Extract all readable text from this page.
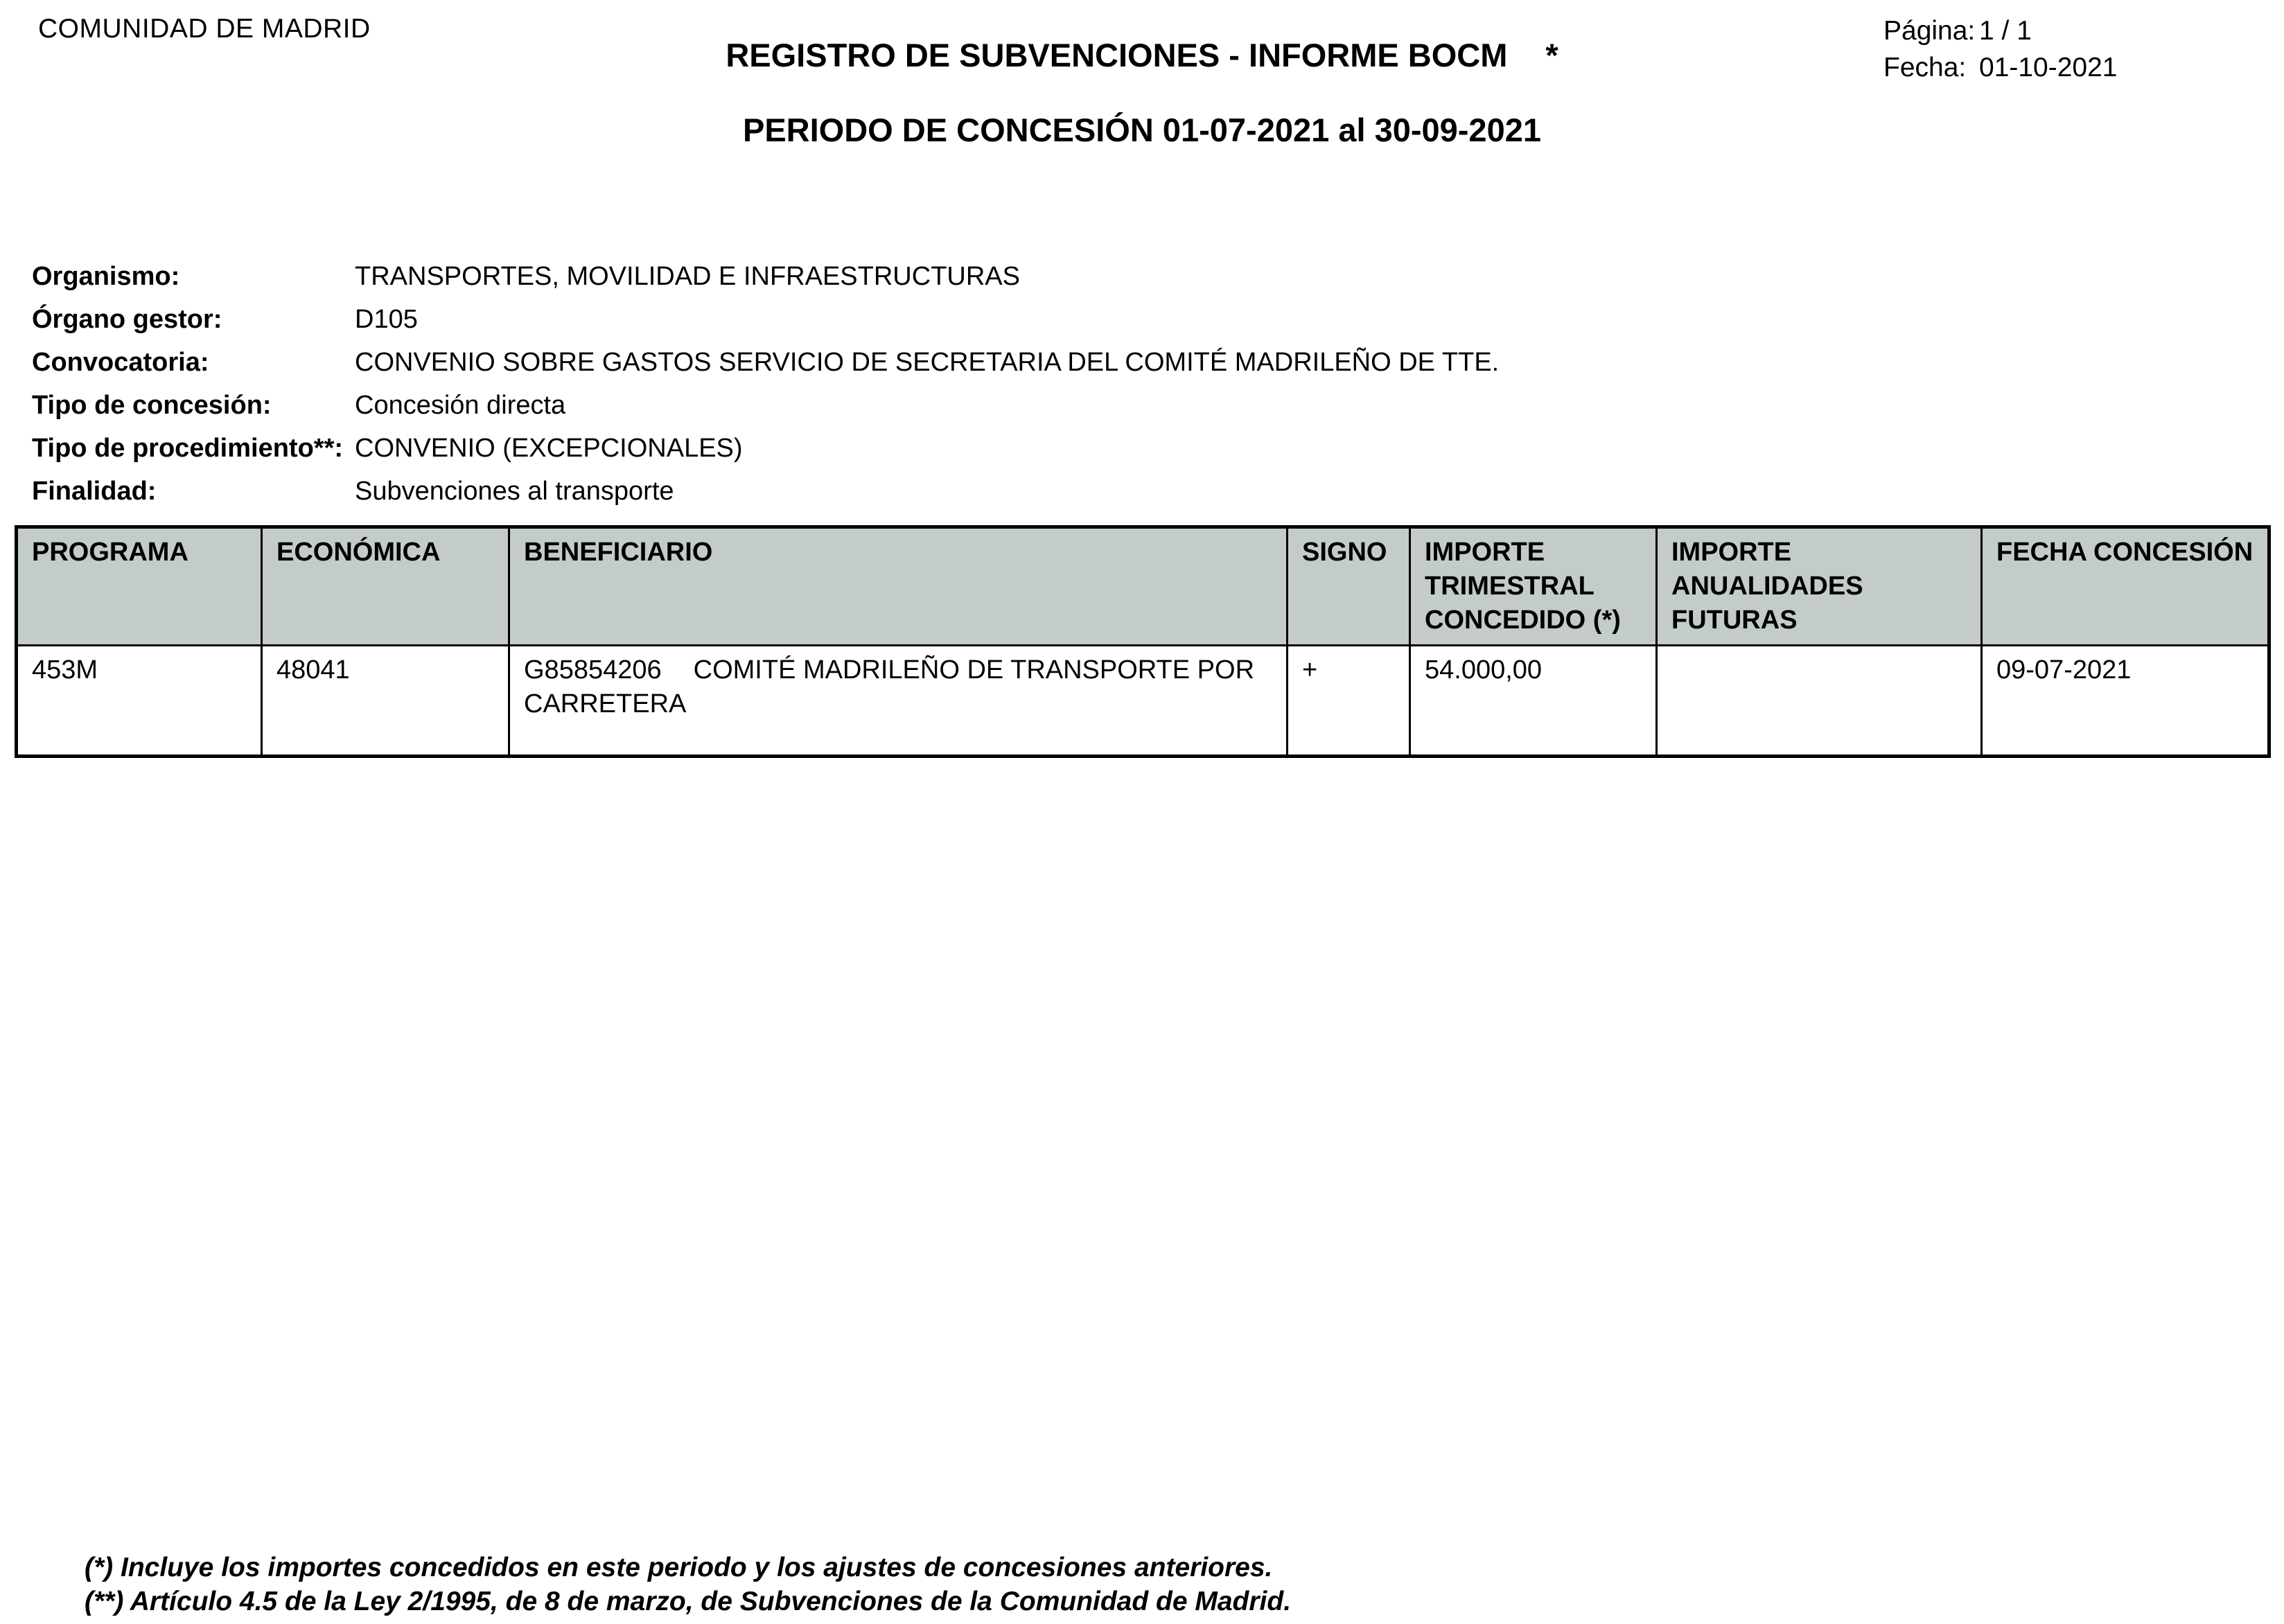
COMUNIDAD DE MADRID
REGISTRO DE SUBVENCIONES - INFORME BOCM *
PERIODO DE CONCESIÓN 01-07-2021 al 30-09-2021
Página: 1 / 1
Fecha: 01-10-2021
Organismo:	TRANSPORTES, MOVILIDAD E INFRAESTRUCTURAS
Órgano gestor:	D105
Convocatoria:	CONVENIO SOBRE GASTOS SERVICIO DE SECRETARIA DEL COMITÉ MADRILEÑO DE TTE.
Tipo de concesión:	Concesión directa
Tipo de procedimiento**: CONVENIO (EXCEPCIONALES)
Finalidad:	Subvenciones al transporte
PROGRAMA	ECONÓMICA	BENEFICIARIO	SIGNO	IMPORTE TRIMESTRAL CONCEDIDO (*)	IMPORTE ANUALIDADES FUTURAS	FECHA CONCESIÓN
453M	48041	G85854206 COMITÉ MADRILEÑO DE TRANSPORTE POR CARRETERA	+	54.000,00		09-07-2021
(*) Incluye los importes concedidos en este periodo y los ajustes de concesiones anteriores.
(**) Artículo 4.5 de la Ley 2/1995, de 8 de marzo, de Subvenciones de la Comunidad de Madrid.
